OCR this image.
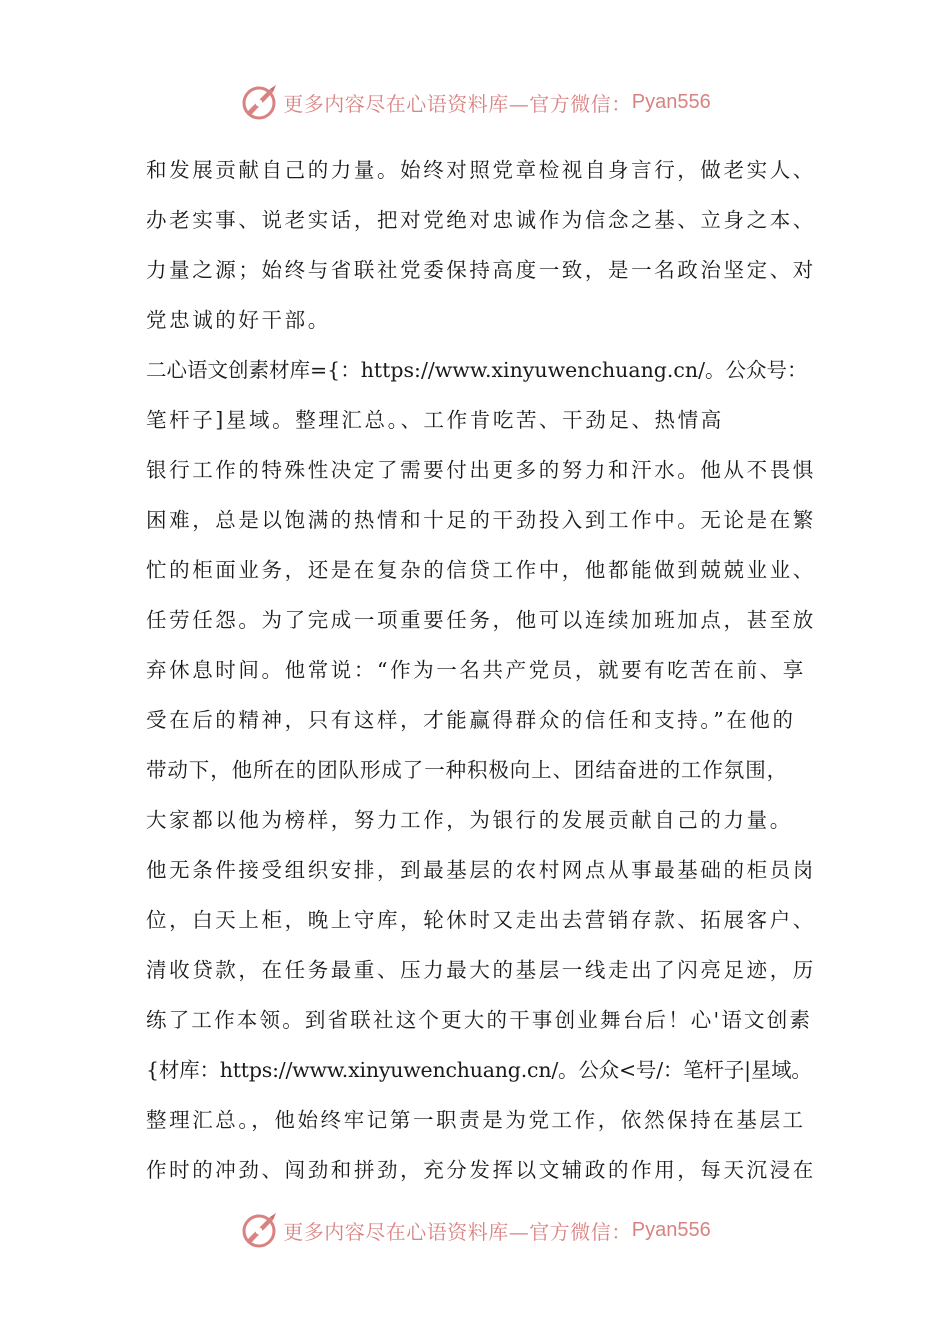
更多内容尽在心语资料库—官方微信： Pyan556
和发展贡献自己的力量。始终对照党章检视自身言行，做老实人、
办老实事、说老实话，把对党绝对忠诚作为信念之基、立身之本、
力量之源；始终与省联社党委保持高度一致，是一名政治坚定、对
党忠诚的好干部。
二心语文创素材库={：https://www.xinyuwenchuang.cn/。公众号：
笔杆子]星域。整理汇总。、工作肯吃苦、干劲足、热情高
银行工作的特殊性决定了需要付出更多的努力和汗水。他从不畏惧
困难，总是以饱满的热情和十足的干劲投入到工作中。无论是在繁
忙的柜面业务，还是在复杂的信贷工作中，他都能做到兢兢业业、
任劳任怨。为了完成一项重要任务，他可以连续加班加点，甚至放
弃休息时间。他常说：“作为一名共产党员，就要有吃苦在前、享
受在后的精神，只有这样，才能赢得群众的信任和支持。”在他的
带动下，他所在的团队形成了一种积极向上、团结奋进的工作氛围，
大家都以他为榜样，努力工作，为银行的发展贡献自己的力量。
他无条件接受组织安排，到最基层的农村网点从事最基础的柜员岗
位，白天上柜，晚上守库，轮休时又走出去营销存款、拓展客户、
清收贷款，在任务最重、压力最大的基层一线走出了闪亮足迹，历
练了工作本领。到省联社这个更大的干事创业舞台后！心'语文创素
{材库：https://www.xinyuwenchuang.cn/。公众<号/：笔杆子|星域。
整理汇总。，他始终牢记第一职责是为党工作，依然保持在基层工
作时的冲劲、闯劲和拼劲，充分发挥以文辅政的作用，每天沉浸在
更多内容尽在心语资料库—官方微信： Pyan556
